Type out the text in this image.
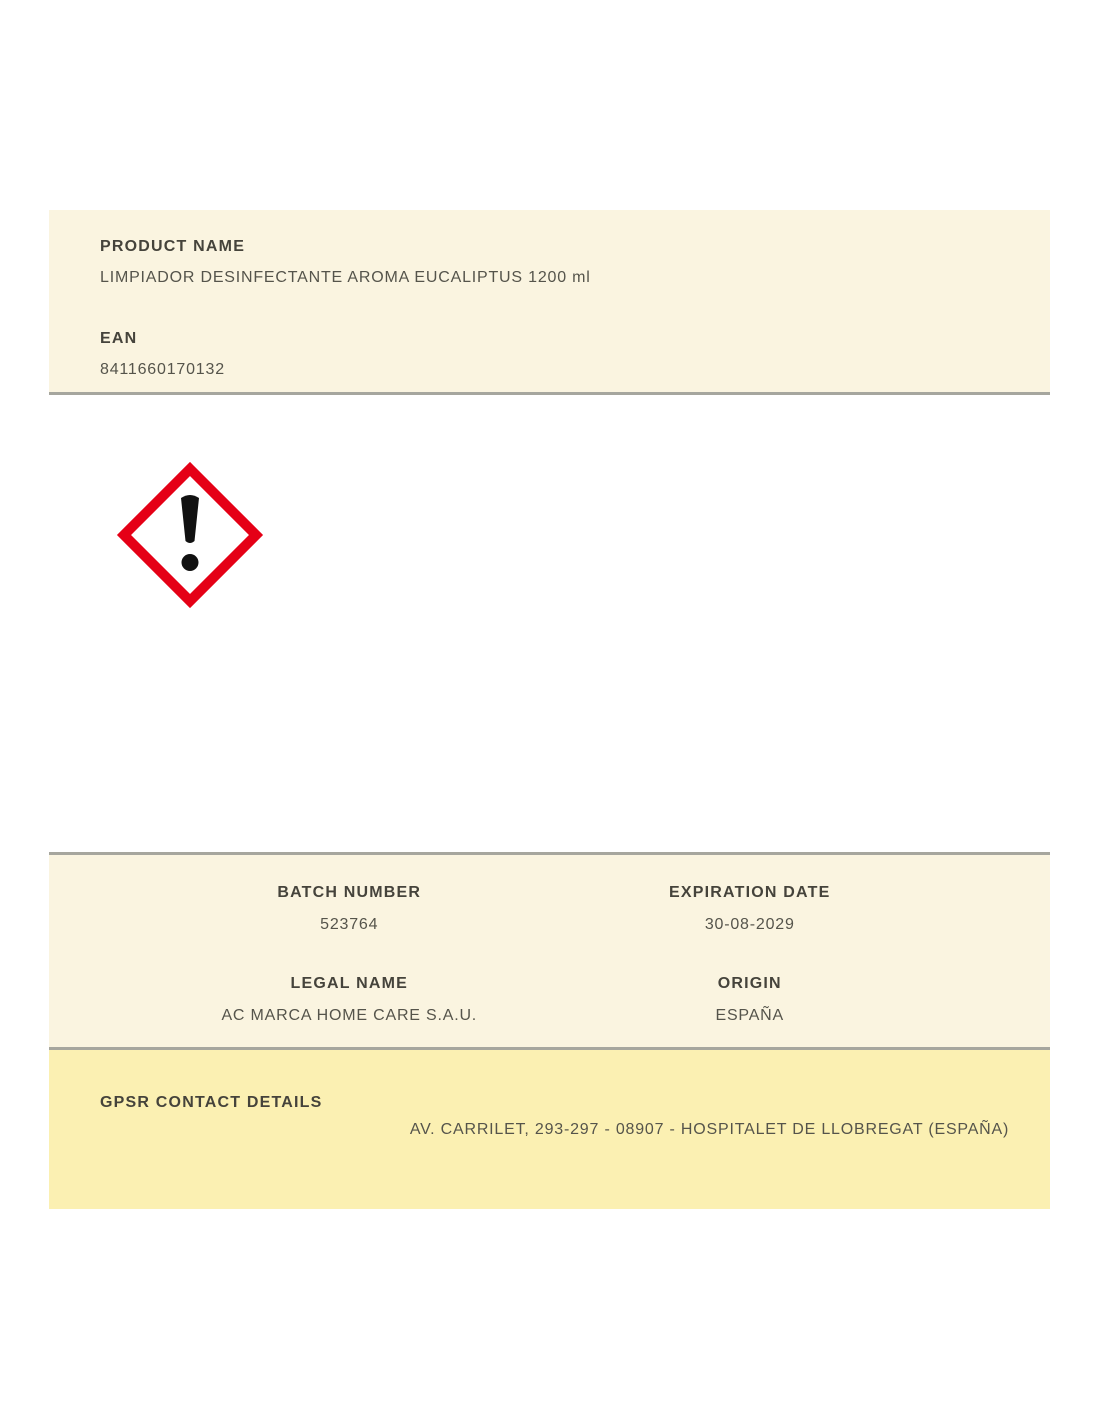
PRODUCT NAME
LIMPIADOR DESINFECTANTE AROMA EUCALIPTUS 1200 ml
EAN
8411660170132
BATCH NUMBER
523764
EXPIRATION DATE
30-08-2029
LEGAL NAME
AC MARCA HOME CARE S.A.U.
ORIGIN
ESPAÑA
GPSR CONTACT DETAILS
AV. CARRILET, 293-297 - 08907 - HOSPITALET DE LLOBREGAT (ESPAÑA)
